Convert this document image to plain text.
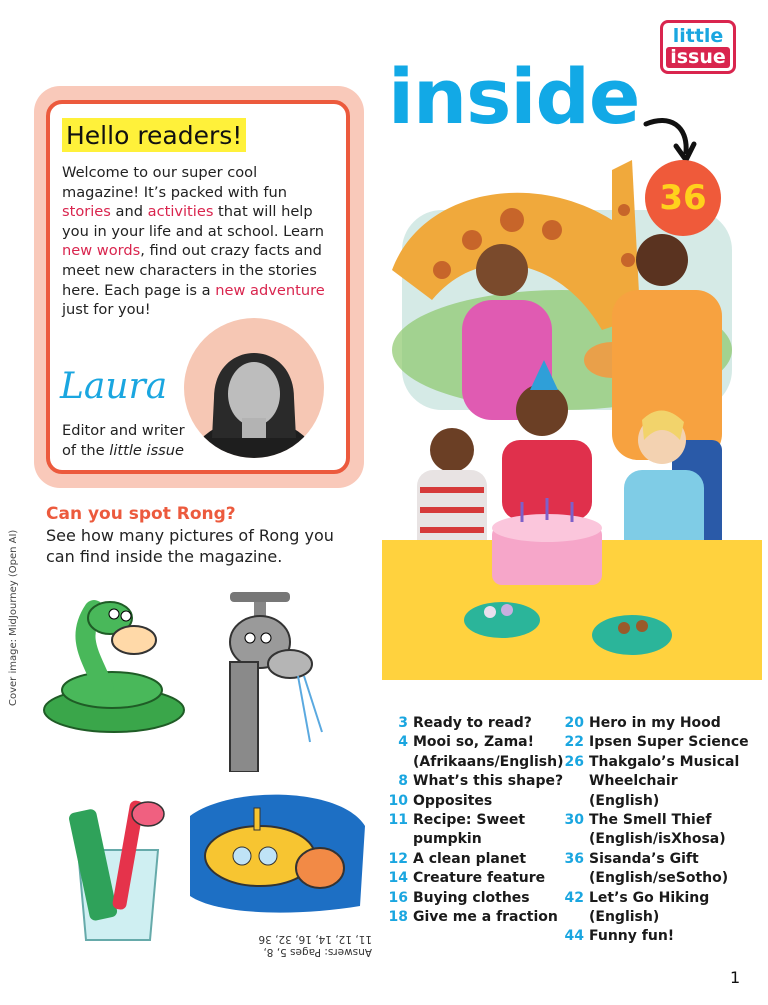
little
issue
inside
36
Hello readers!
Welcome to our super cool magazine! It’s packed with fun stories and activities that will help you in your life and at school. Learn new words, find out crazy facts and meet new characters in the stories here. Each page is a new adventure just for you!
Laura
Editor and writer
of the little issue
Can you spot Rong?
See how many pictures of Rong you can find inside the magazine.
Cover image: MidJourney (Open AI)
Answers: Pages 5, 8, 11, 12, 14, 16, 32, 36
3 Ready to read?
4 Mooi so, Zama!
(Afrikaans/English)
8 What’s this shape?
10 Opposites
11 Recipe: Sweet
pumpkin
12 A clean planet
14 Creature feature
16 Buying clothes
18 Give me a fraction
20 Hero in my Hood
22 Ipsen Super Science
26 Thakgalo’s Musical
Wheelchair (English)
30 The Smell Thief
(English/isXhosa)
36 Sisanda’s Gift
(English/seSotho)
42 Let’s Go Hiking
(English)
44 Funny fun!
1
